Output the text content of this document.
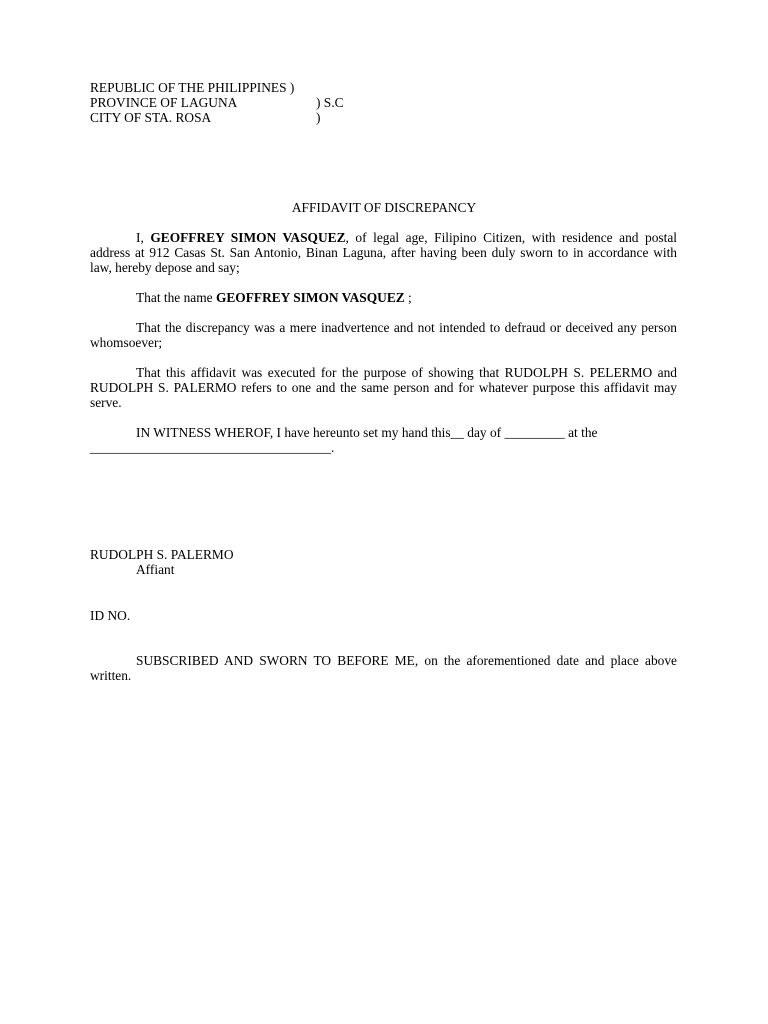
REPUBLIC OF THE PHILIPPINES )
PROVINCE OF LAGUNA	) S.C
CITY OF STA. ROSA	)
AFFIDAVIT OF DISCREPANCY

I, GEOFFREY SIMON VASQUEZ, of legal age, Filipino Citizen, with residence and postal address at 912 Casas St. San Antonio, Binan Laguna, after having been duly sworn to in accordance with law, hereby depose and say;

That the name GEOFFREY SIMON VASQUEZ ;

That the discrepancy was a mere inadvertence and not intended to defraud or deceived any person whomsoever;

That this affidavit was executed for the purpose of showing that RUDOLPH S. PELERMO and RUDOLPH S. PALERMO refers to one and the same person and for whatever purpose this affidavit may serve.

IN WITNESS WHEROF, I have hereunto set my hand this__ day of _________ at the

____________________________________.
RUDOLPH S. PALERMO
Affiant
ID NO.

SUBSCRIBED AND SWORN TO BEFORE ME, on the aforementioned date and place above written.
